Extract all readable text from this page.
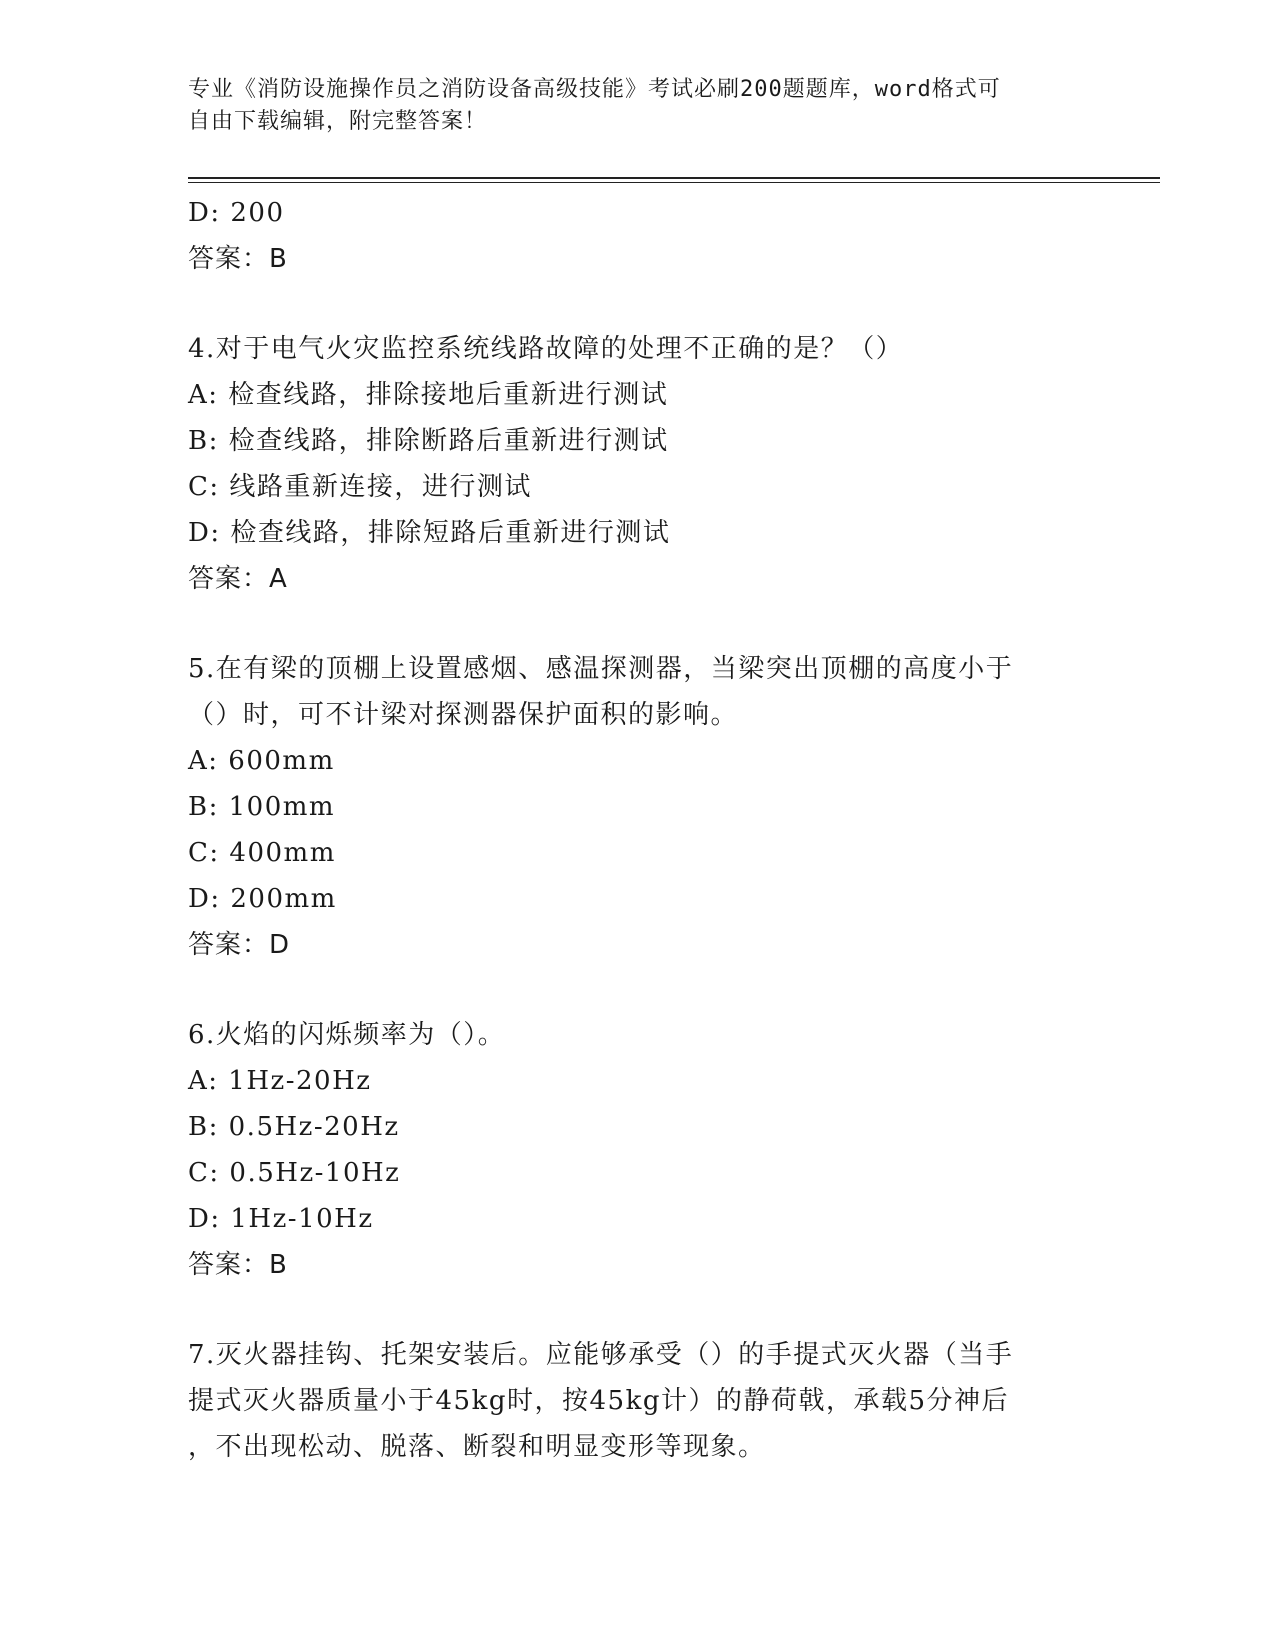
专业《消防设施操作员之消防设备高级技能》考试必刷200题题库，word格式可
自由下载编辑，附完整答案！
D: 200
答案：B
4.对于电气火灾监控系统线路故障的处理不正确的是？（）
A: 检查线路，排除接地后重新进行测试
B: 检查线路，排除断路后重新进行测试
C: 线路重新连接，进行测试
D: 检查线路，排除短路后重新进行测试
答案：A
5.在有梁的顶棚上设置感烟、感温探测器，当梁突出顶棚的高度小于
（）时，可不计梁对探测器保护面积的影响。
A: 600mm
B: 100mm
C: 400mm
D: 200mm
答案：D
6.火焰的闪烁频率为（）。
A: 1Hz-20Hz
B: 0.5Hz-20Hz
C: 0.5Hz-10Hz
D: 1Hz-10Hz
答案：B
7.灭火器挂钩、托架安装后。应能够承受（）的手提式灭火器（当手
提式灭火器质量小于45kg时，按45kg计）的静荷戟，承载5分神后
，不出现松动、脱落、断裂和明显变形等现象。
